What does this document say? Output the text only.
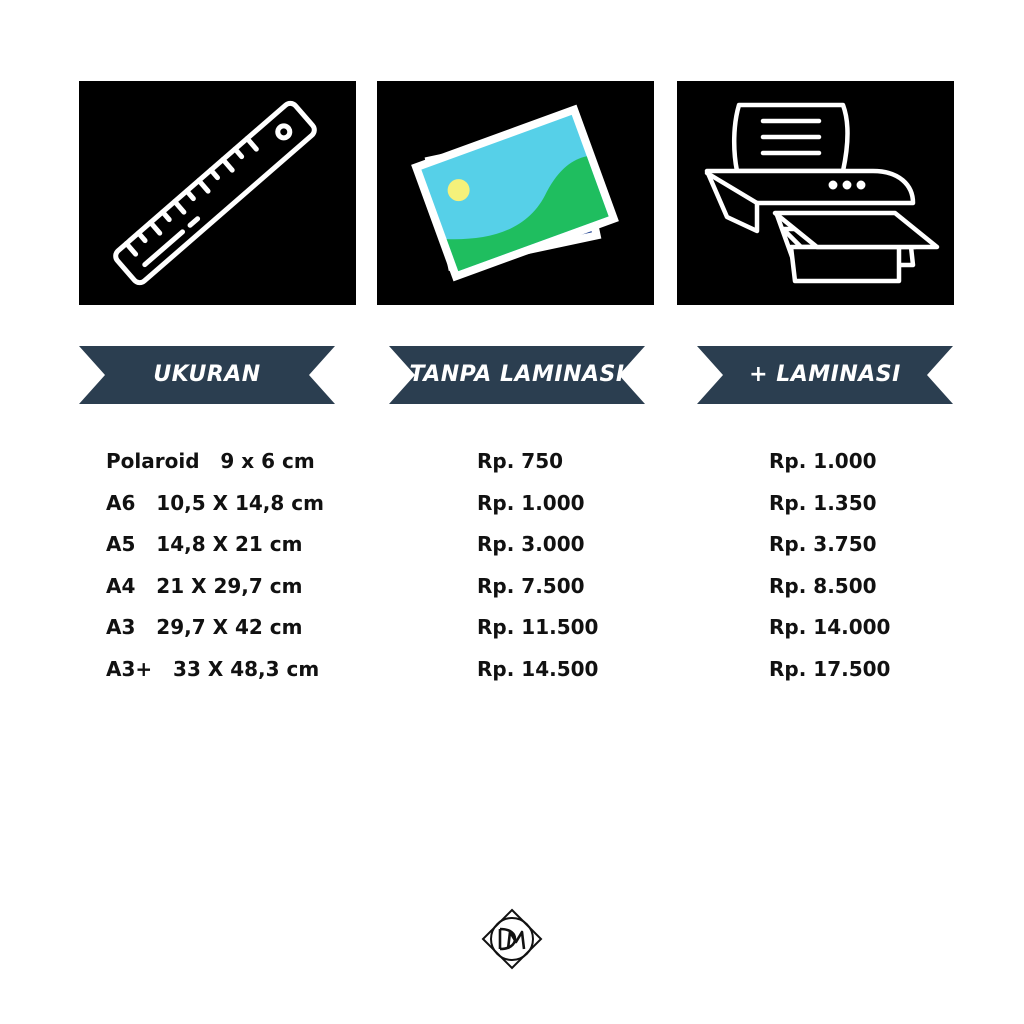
UKURAN	TANPA LAMINASI	+ LAMINASI
Polaroid   9 x 6 cm
A6   10,5 X 14,8 cm
A5   14,8 X 21 cm
A4   21 X 29,7 cm
A3   29,7 X 42 cm
A3+   33 X 48,3 cm
Rp. 750
Rp. 1.000
Rp. 3.000
Rp. 7.500
Rp. 11.500
Rp. 14.500
Rp. 1.000
Rp. 1.350
Rp. 3.750
Rp. 8.500
Rp. 14.000
Rp. 17.500
